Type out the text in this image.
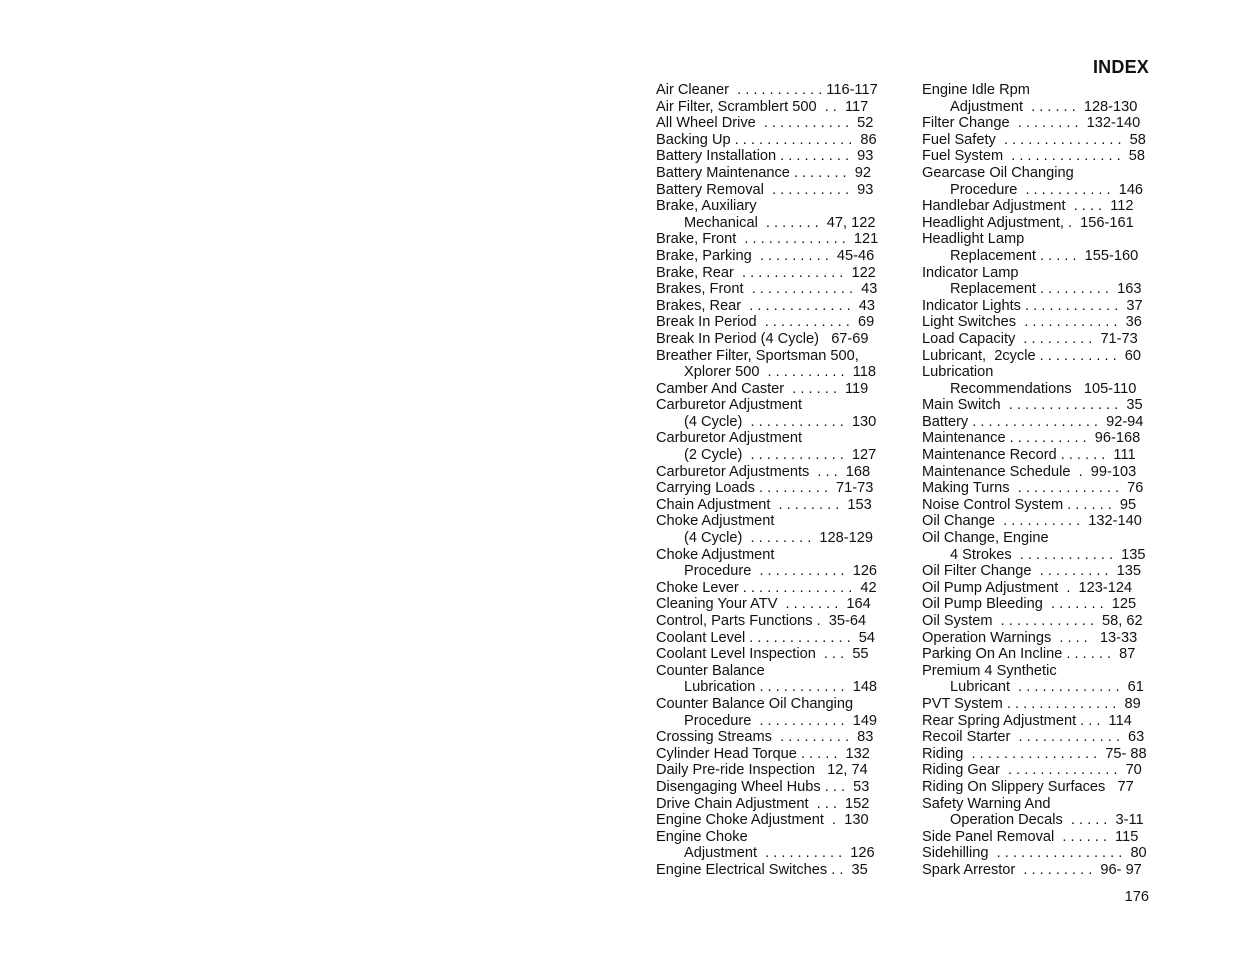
INDEX
Air Cleaner  . . . . . . . . . . . 116-117
Air Filter, Scramblert 500  . .  117
All Wheel Drive  . . . . . . . . . . .  52
Backing Up . . . . . . . . . . . . . . .  86
Battery Installation . . . . . . . . .  93
Battery Maintenance . . . . . . .  92
Battery Removal  . . . . . . . . . .  93
Brake, Auxiliary
Mechanical  . . . . . . .  47, 122
Brake, Front  . . . . . . . . . . . . .  121
Brake, Parking  . . . . . . . . .  45-46
Brake, Rear  . . . . . . . . . . . . .  122
Brakes, Front  . . . . . . . . . . . . .  43
Brakes, Rear  . . . . . . . . . . . . .  43
Break In Period  . . . . . . . . . . .  69
Break In Period (4 Cycle)   67-69
Breather Filter, Sportsman 500,
Xplorer 500  . . . . . . . . . .  118
Camber And Caster  . . . . . .  119
Carburetor Adjustment
(4 Cycle)  . . . . . . . . . . . .  130
Carburetor Adjustment
(2 Cycle)  . . . . . . . . . . . .  127
Carburetor Adjustments  . . .  168
Carrying Loads . . . . . . . . .  71-73
Chain Adjustment  . . . . . . . .  153
Choke Adjustment
(4 Cycle)  . . . . . . . .  128-129
Choke Adjustment
Procedure  . . . . . . . . . . .  126
Choke Lever . . . . . . . . . . . . . .  42
Cleaning Your ATV  . . . . . . .  164
Control, Parts Functions .  35-64
Coolant Level . . . . . . . . . . . . .  54
Coolant Level Inspection  . . .  55
Counter Balance
Lubrication . . . . . . . . . . .  148
Counter Balance Oil Changing
Procedure  . . . . . . . . . . .  149
Crossing Streams  . . . . . . . . .  83
Cylinder Head Torque . . . . .  132
Daily Pre-ride Inspection   12, 74
Disengaging Wheel Hubs . . .  53
Drive Chain Adjustment  . . .  152
Engine Choke Adjustment  .  130
Engine Choke
Adjustment  . . . . . . . . . .  126
Engine Electrical Switches . .  35
Engine Idle Rpm
Adjustment  . . . . . .  128-130
Filter Change  . . . . . . . .  132-140
Fuel Safety  . . . . . . . . . . . . . . .  58
Fuel System  . . . . . . . . . . . . . .  58
Gearcase Oil Changing
Procedure  . . . . . . . . . . .  146
Handlebar Adjustment  . . . .  112
Headlight Adjustment, .  156-161
Headlight Lamp
Replacement . . . . .  155-160
Indicator Lamp
Replacement . . . . . . . . .  163
Indicator Lights . . . . . . . . . . . .  37
Light Switches  . . . . . . . . . . . .  36
Load Capacity  . . . . . . . . .  71-73
Lubricant,  2cycle . . . . . . . . . .  60
Lubrication
Recommendations   105-110
Main Switch  . . . . . . . . . . . . . .  35
Battery . . . . . . . . . . . . . . . .  92-94
Maintenance . . . . . . . . . .  96-168
Maintenance Record . . . . . .  111
Maintenance Schedule  .  99-103
Making Turns  . . . . . . . . . . . . .  76
Noise Control System . . . . . .  95
Oil Change  . . . . . . . . . .  132-140
Oil Change, Engine
4 Strokes  . . . . . . . . . . . .  135
Oil Filter Change  . . . . . . . . .  135
Oil Pump Adjustment  .  123-124
Oil Pump Bleeding  . . . . . . .  125
Oil System  . . . . . . . . . . . .  58, 62
Operation Warnings  . . . .   13-33
Parking On An Incline . . . . . .  87
Premium 4 Synthetic
Lubricant  . . . . . . . . . . . . .  61
PVT System . . . . . . . . . . . . . .  89
Rear Spring Adjustment . . .  114
Recoil Starter  . . . . . . . . . . . . .  63
Riding  . . . . . . . . . . . . . . . .  75- 88
Riding Gear  . . . . . . . . . . . . . .  70
Riding On Slippery Surfaces   77
Safety Warning And
Operation Decals  . . . . .  3-11
Side Panel Removal  . . . . . .  115
Sidehilling  . . . . . . . . . . . . . . . .  80
Spark Arrestor  . . . . . . . . .  96- 97
176
